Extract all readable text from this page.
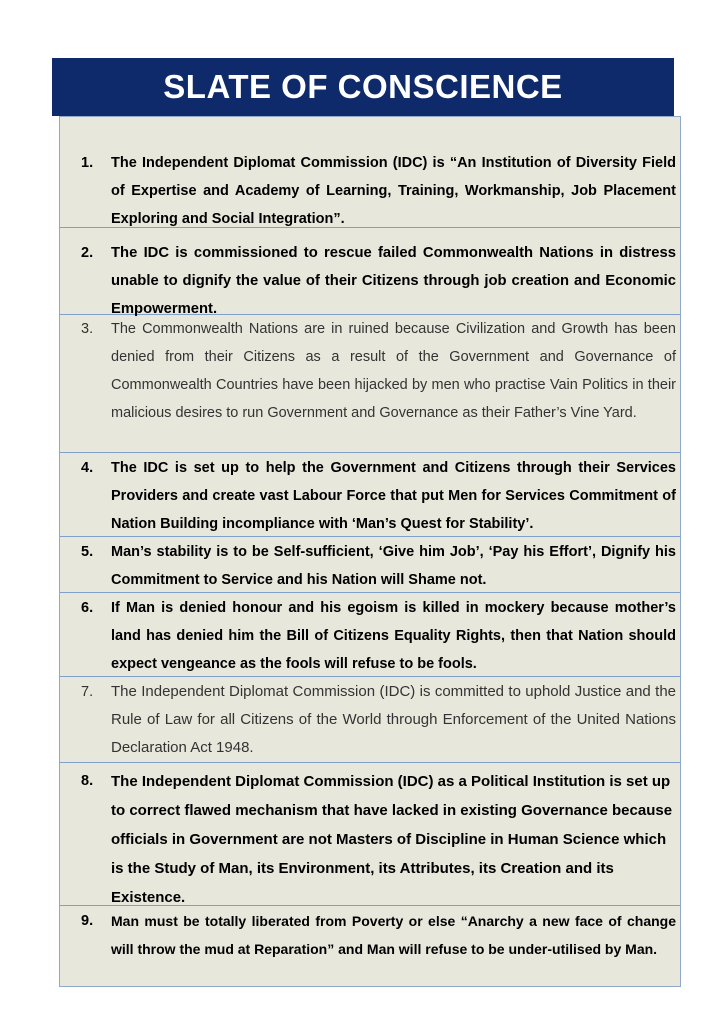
SLATE OF CONSCIENCE
1. The Independent Diplomat Commission (IDC) is “An Institution of Diversity Field of Expertise and Academy of Learning, Training, Workmanship, Job Placement Exploring and Social Integration”.
2. The IDC is commissioned to rescue failed Commonwealth Nations in distress unable to dignify the value of their Citizens through job creation and Economic Empowerment.
3. The Commonwealth Nations are in ruined because Civilization and Growth has been denied from their Citizens as a result of the Government and Governance of Commonwealth Countries have been hijacked by men who practise Vain Politics in their malicious desires to run Government and Governance as their Father’s Vine Yard.
4. The IDC is set up to help the Government and Citizens through their Services Providers and create vast Labour Force that put Men for Services Commitment of Nation Building incompliance with ‘Man’s Quest for Stability’.
5. Man’s stability is to be Self-sufficient, ‘Give him Job’, ‘Pay his Effort’, Dignify his Commitment to Service and his Nation will Shame not.
6. If Man is denied honour and his egoism is killed in mockery because mother’s land has denied him the Bill of Citizens Equality Rights, then that Nation should expect vengeance as the fools will refuse to be fools.
7. The Independent Diplomat Commission (IDC) is committed to uphold Justice and the Rule of Law for all Citizens of the World through Enforcement of the United Nations Declaration Act 1948.
8. The Independent Diplomat Commission (IDC) as a Political Institution is set up to correct flawed mechanism that have lacked in existing Governance because officials in Government are not Masters of Discipline in Human Science which is the Study of Man, its Environment, its Attributes, its Creation and its Existence.
9. Man must be totally liberated from Poverty or else “Anarchy a new face of change will throw the mud at Reparation” and Man will refuse to be under-utilised by Man.
